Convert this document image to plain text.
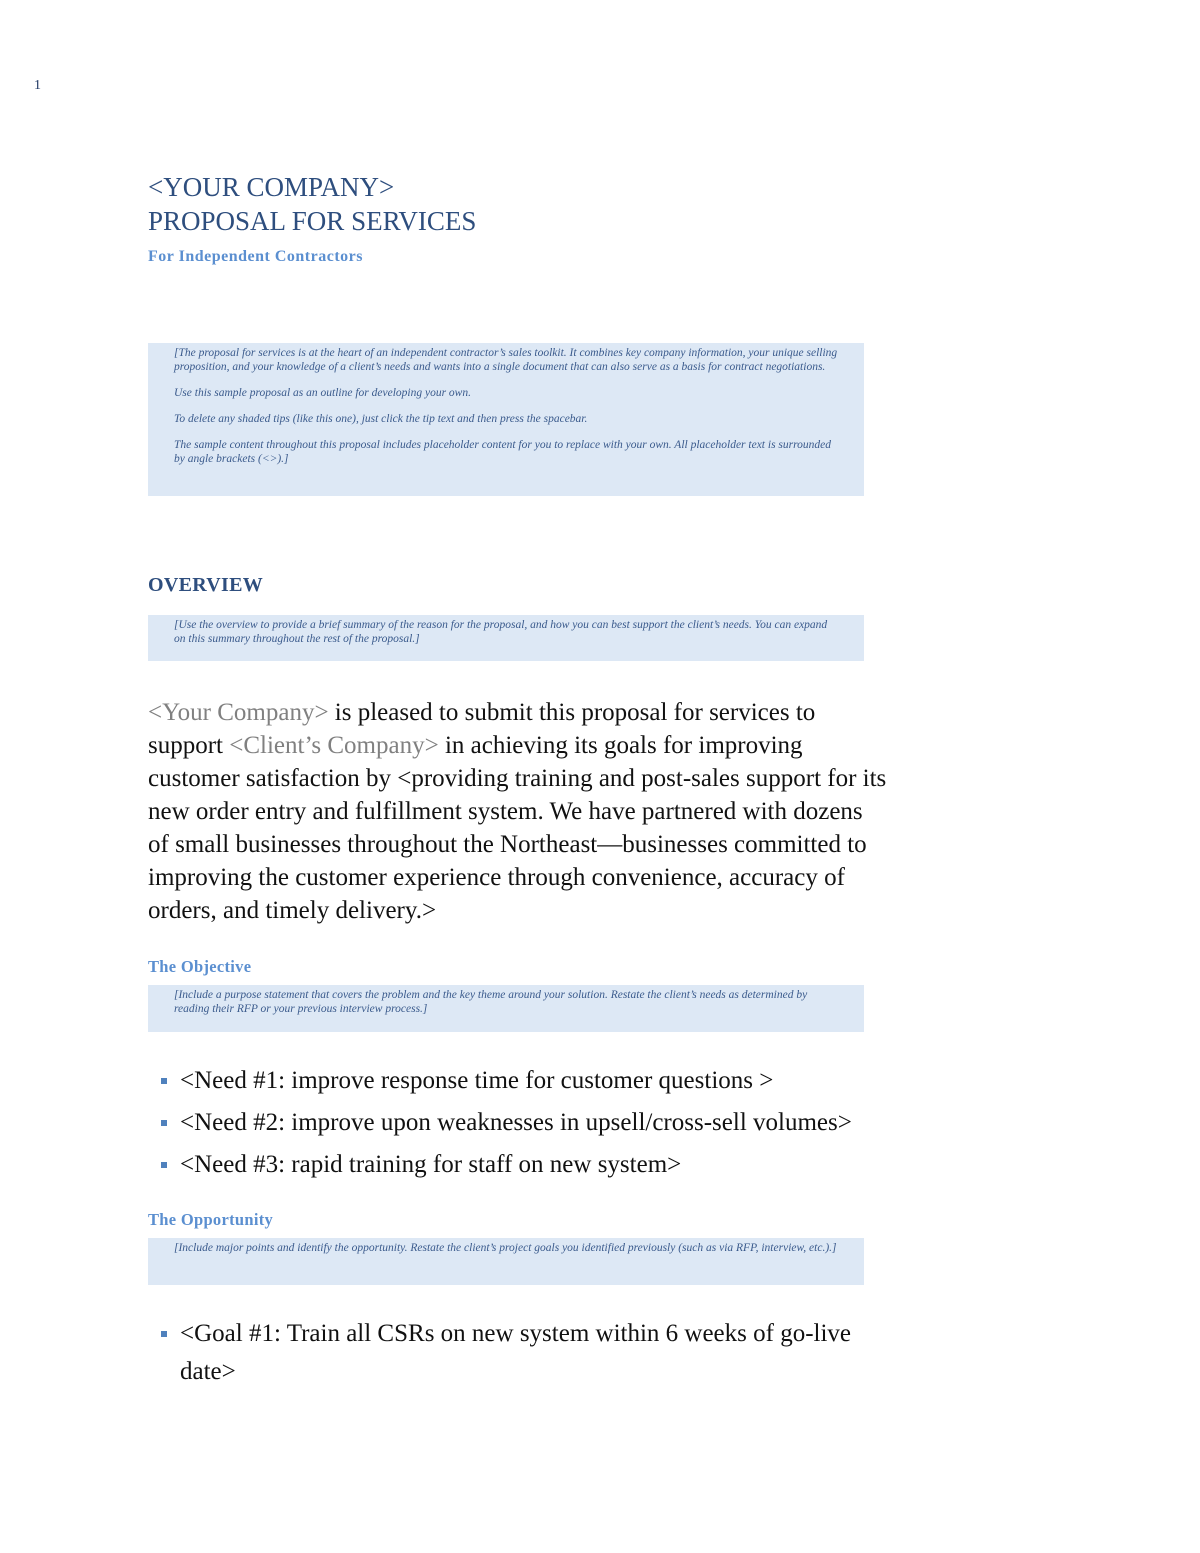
1
<YOUR COMPANY>
PROPOSAL FOR SERVICES
For Independent Contractors

[The proposal for services is at the heart of an independent contractor’s sales toolkit. It combines key company information, your unique selling proposition, and your knowledge of a client’s needs and wants into a single document that can also serve as a basis for contract negotiations.

Use this sample proposal as an outline for developing your own.

To delete any shaded tips (like this one), just click the tip text and then press the spacebar.

The sample content throughout this proposal includes placeholder content for you to replace with your own. All placeholder text is surrounded by angle brackets (<>).]

OVERVIEW

[Use the overview to provide a brief summary of the reason for the proposal, and how you can best support the client’s needs. You can expand on this summary throughout the rest of the proposal.]

<Your Company> is pleased to submit this proposal for services to support <Client’s Company> in achieving its goals for improving customer satisfaction by <providing training and post-sales support for its new order entry and fulfillment system. We have partnered with dozens of small businesses throughout the Northeast—businesses committed to improving the customer experience through convenience, accuracy of orders, and timely delivery.>
The Objective

[Include a purpose statement that covers the problem and the key theme around your solution. Restate the client’s needs as determined by reading their RFP or your previous interview process.]

<Need #1: improve response time for customer questions >
<Need #2: improve upon weaknesses in upsell/cross-sell volumes>
<Need #3: rapid training for staff on new system>
The Opportunity

[Include major points and identify the opportunity. Restate the client’s project goals you identified previously (such as via RFP, interview, etc.).]

<Goal #1: Train all CSRs on new system within 6 weeks of go-live date>
